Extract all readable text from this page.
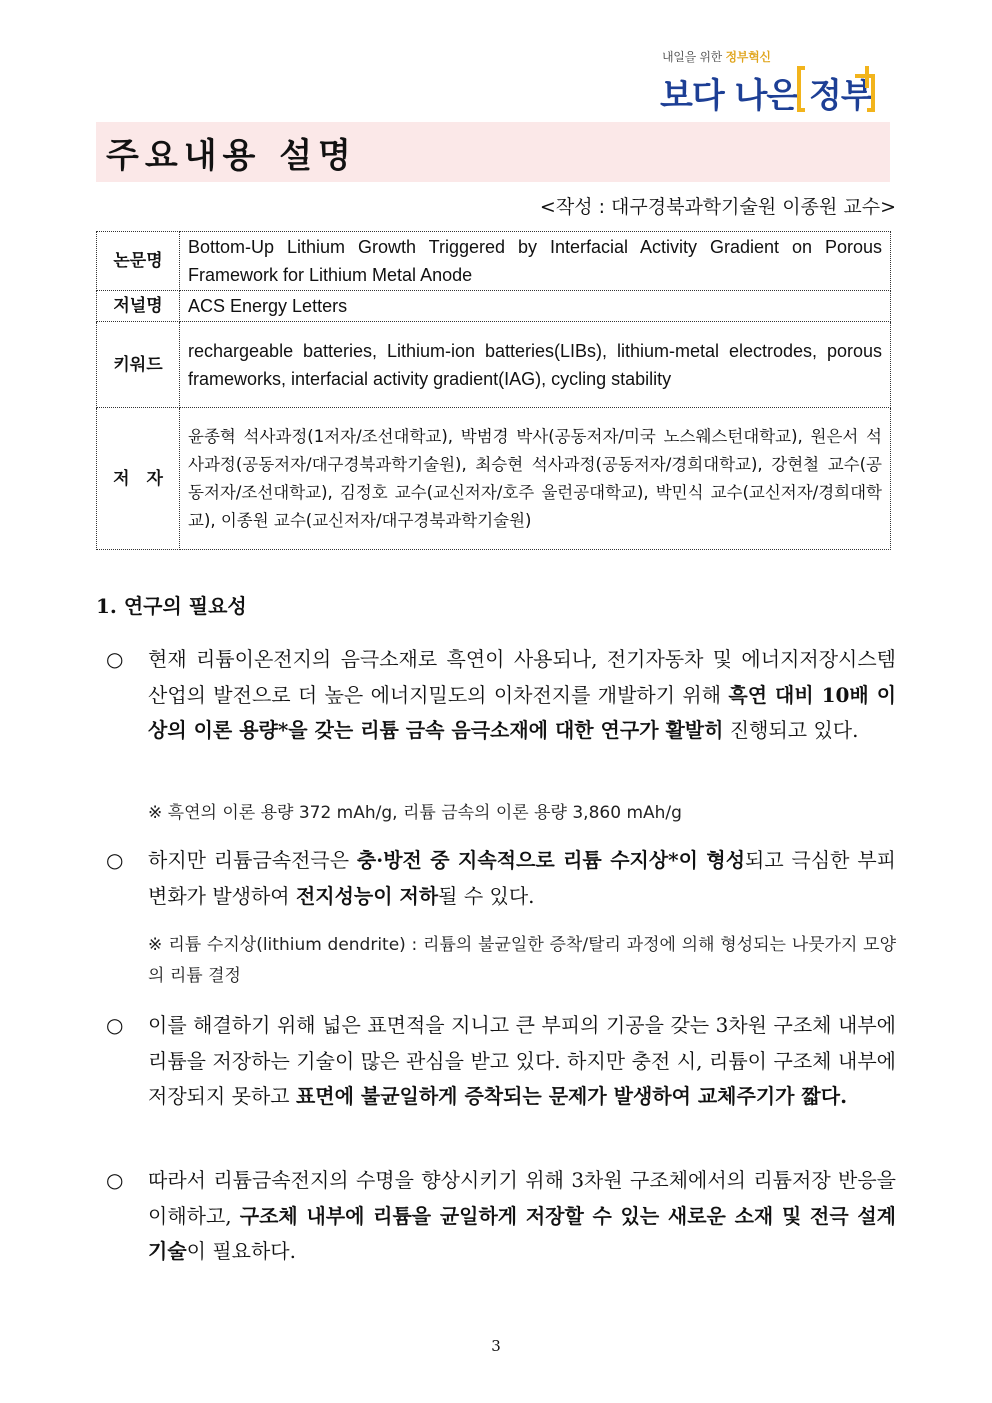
내일을 위한 정부혁신
보다 나은 정부
주요내용 설명
<작성 : 대구경북과학기술원 이종원 교수>
논문명	Bottom-Up Lithium Growth Triggered by Interfacial Activity Gradient on Porous Framework for Lithium Metal Anode
저널명	ACS Energy Letters
키워드	rechargeable batteries, Lithium-ion batteries(LIBs), lithium-metal electrodes, porous frameworks, interfacial activity gradient(IAG), cycling stability
저　자	윤종혁 석사과정(1저자/조선대학교), 박범경 박사(공동저자/미국 노스웨스턴대학교), 원은서 석사과정(공동저자/대구경북과학기술원), 최승현 석사과정(공동저자/경희대학교), 강현철 교수(공동저자/조선대학교), 김정호 교수(교신저자/호주 울런공대학교), 박민식 교수(교신저자/경희대학교), 이종원 교수(교신저자/대구경북과학기술원)
1. 연구의 필요성
○	현재 리튬이온전지의 음극소재로 흑연이 사용되나, 전기자동차 및 에너지저장시스템 산업의 발전으로 더 높은 에너지밀도의 이차전지를 개발하기 위해 흑연 대비 10배 이상의 이론 용량*을 갖는 리튬 금속 음극소재에 대한 연구가 활발히 진행되고 있다.
※ 흑연의 이론 용량 372 mAh/g, 리튬 금속의 이론 용량 3,860 mAh/g
○	하지만 리튬금속전극은 충·방전 중 지속적으로 리튬 수지상*이 형성되고 극심한 부피 변화가 발생하여 전지성능이 저하될 수 있다.
※ 리튬 수지상(lithium dendrite) : 리튬의 불균일한 증착/탈리 과정에 의해 형성되는 나뭇가지 모양의 리튬 결정
○	이를 해결하기 위해 넓은 표면적을 지니고 큰 부피의 기공을 갖는 3차원 구조체 내부에 리튬을 저장하는 기술이 많은 관심을 받고 있다. 하지만 충전 시, 리튬이 구조체 내부에 저장되지 못하고 표면에 불균일하게 증착되는 문제가 발생하여 교체주기가 짧다.
○	따라서 리튬금속전지의 수명을 향상시키기 위해 3차원 구조체에서의 리튬저장 반응을 이해하고, 구조체 내부에 리튬을 균일하게 저장할 수 있는 새로운 소재 및 전극 설계 기술이 필요하다.
3
